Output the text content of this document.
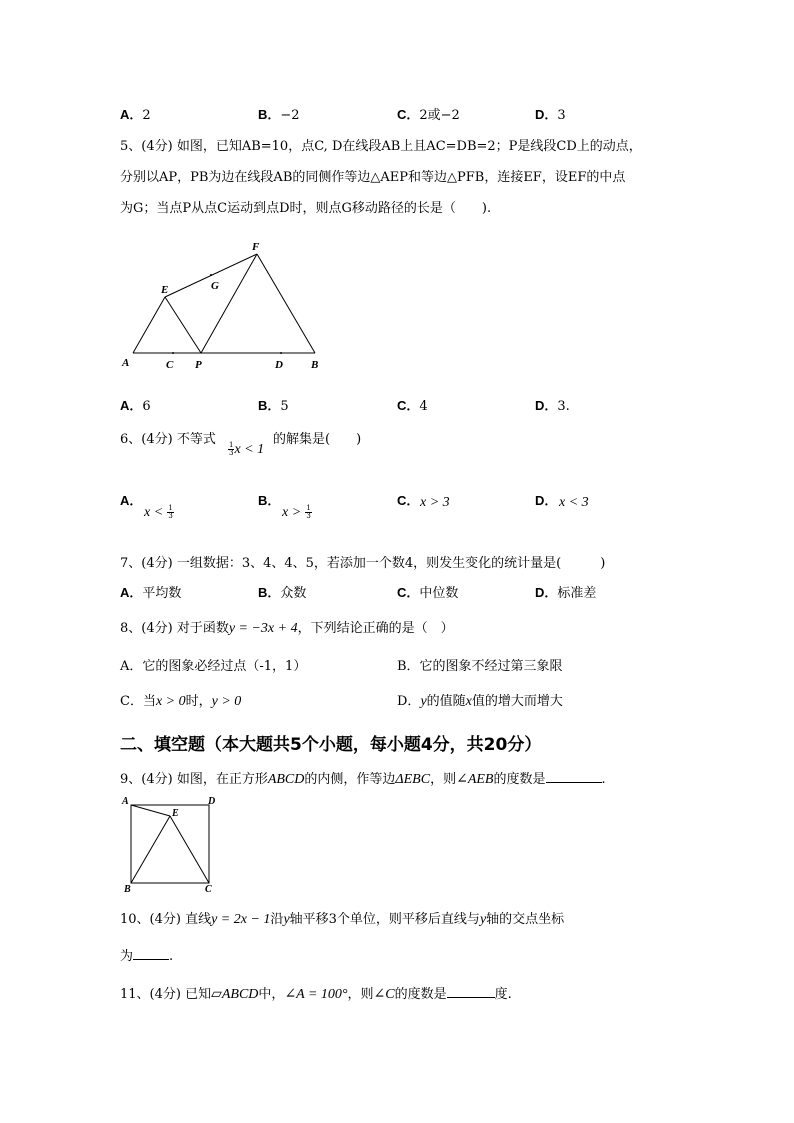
A．2	B．−2	C．2或−2	D．3
5、(4分) 如图，已知AB=10，点C, D在线段AB上且AC=DB=2；P是线段CD上的动点，
分别以AP，PB为边在线段AB的同侧作等边△AEP和等边△PFB，连接EF，设EF的中点
为G；当点P从点C运动到点D时，则点G移动路径的长是（　　).
A	C P	D	B
E
F
G
A．6	B．5	C．4	D．3.
6、(4分) 不等式
$\frac{1}{3}$ x < 1
的解集是(　　)
A．
$x < \frac{1}{3}$
B．
$x > \frac{1}{3}$
C． x > 3	D． x < 3
7、(4分) 一组数据：3、4、4、5，若添加一个数4，则发生变化的统计量是(　　　)
A．平均数	B．众数	C．中位数	D．标准差
8、(4分) 对于函数y = −3x + 4，下列结论正确的是（　）
A．它的图象必经过点（-1，1）	B．它的图象不经过第三象限
C．当x > 0时，y > 0	D．y的值随x值的增大而增大
二、填空题（本大题共5个小题，每小题4分，共20分）
9、(4分) 如图，在正方形ABCD的内侧，作等边ΔEBC，则∠AEB的度数是	.
A	D
E
B	C
10、(4分) 直线y = 2x − 1沿y轴平移3个单位，则平移后直线与y轴的交点坐标
为	.
11、(4分) 已知▱ABCD中，∠A = 100°，则∠C的度数是	度.
